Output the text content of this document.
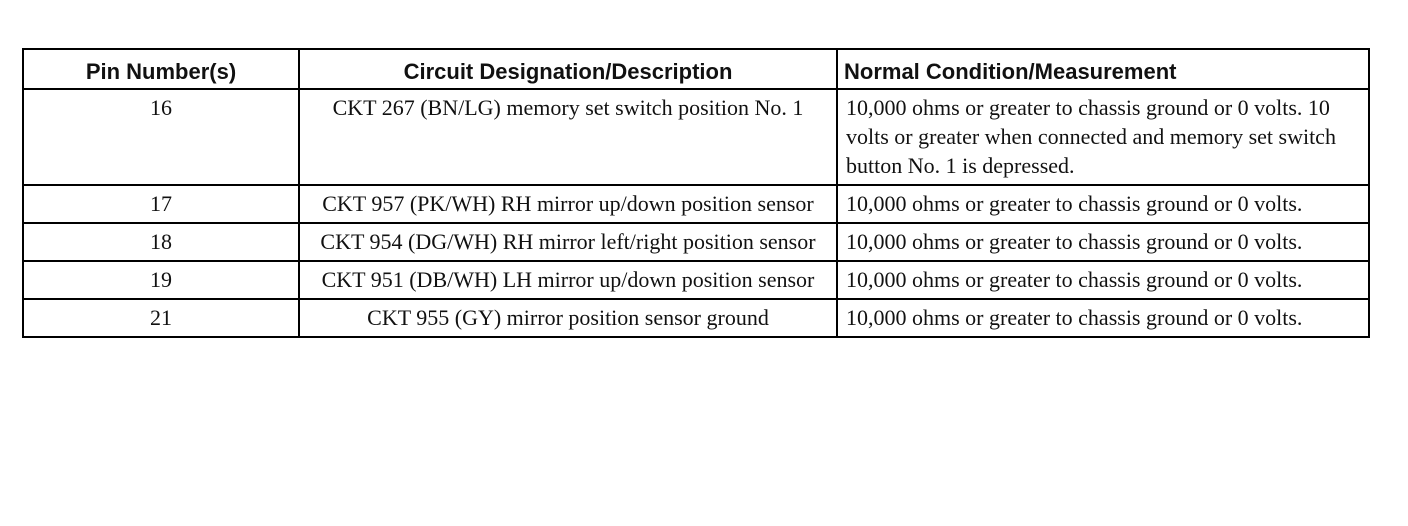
Pin Number(s)	Circuit Designation/Description	Normal Condition/Measurement
16	CKT 267 (BN/LG) memory set switch position No. 1	10,000 ohms or greater to chassis ground or 0 volts. 10 volts or greater when connected and memory set switch button No. 1 is depressed.
17	CKT 957 (PK/WH) RH mirror up/down position sensor	10,000 ohms or greater to chassis ground or 0 volts.
18	CKT 954 (DG/WH) RH mirror left/right position sensor	10,000 ohms or greater to chassis ground or 0 volts.
19	CKT 951 (DB/WH) LH mirror up/down position sensor	10,000 ohms or greater to chassis ground or 0 volts.
21	CKT 955 (GY) mirror position sensor ground	10,000 ohms or greater to chassis ground or 0 volts.
